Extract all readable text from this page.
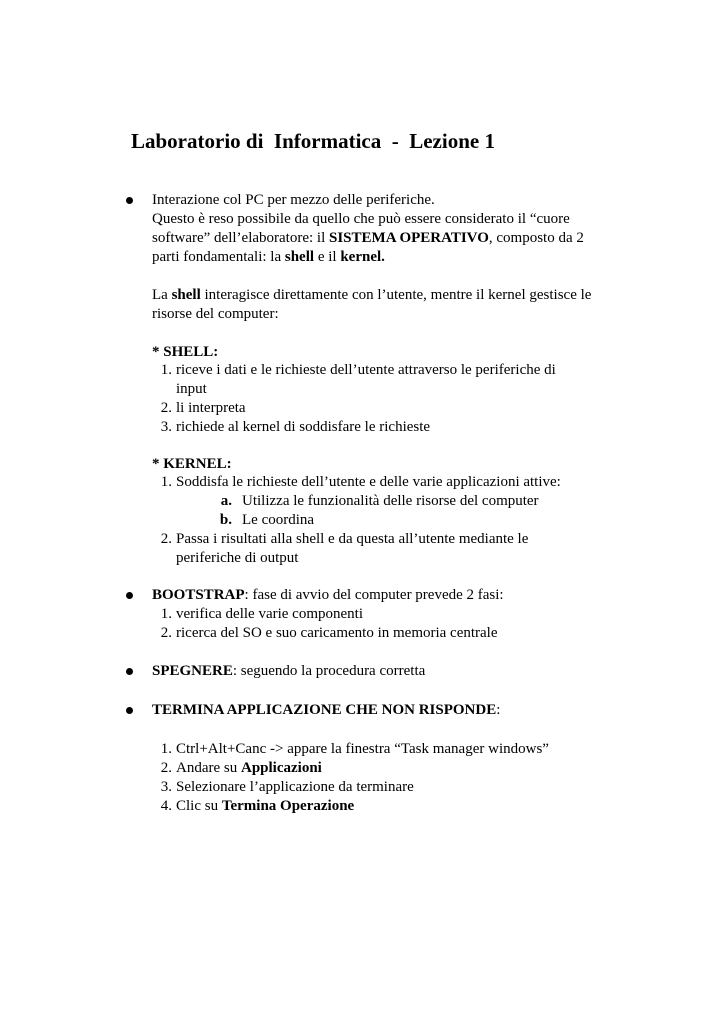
Laboratorio di  Informatica  -  Lezione 1
Interazione col PC per mezzo delle periferiche.
Questo è reso possibile da quello che può essere considerato il “cuore
software” dell’elaboratore: il SISTEMA OPERATIVO, composto da 2
parti fondamentali: la shell e il kernel.
La shell interagisce direttamente con l’utente, mentre il kernel gestisce le
risorse del computer:
* SHELL:
1. riceve i dati e le richieste dell’utente attraverso le periferiche di
input
2. li interpreta
3. richiede al kernel di soddisfare le richieste
* KERNEL:
1. Soddisfa le richieste dell’utente e delle varie applicazioni attive:
a. Utilizza le funzionalità delle risorse del computer
b. Le coordina
2. Passa i risultati alla shell e da questa all’utente mediante le
periferiche di output
BOOTSTRAP: fase di avvio del computer prevede 2 fasi:
1. verifica delle varie componenti
2. ricerca del SO e suo caricamento in memoria centrale
SPEGNERE: seguendo la procedura corretta
TERMINA APPLICAZIONE CHE NON RISPONDE:
1. Ctrl+Alt+Canc -> appare la finestra “Task manager windows”
2. Andare su Applicazioni
3. Selezionare l’applicazione da terminare
4. Clic su Termina Operazione
